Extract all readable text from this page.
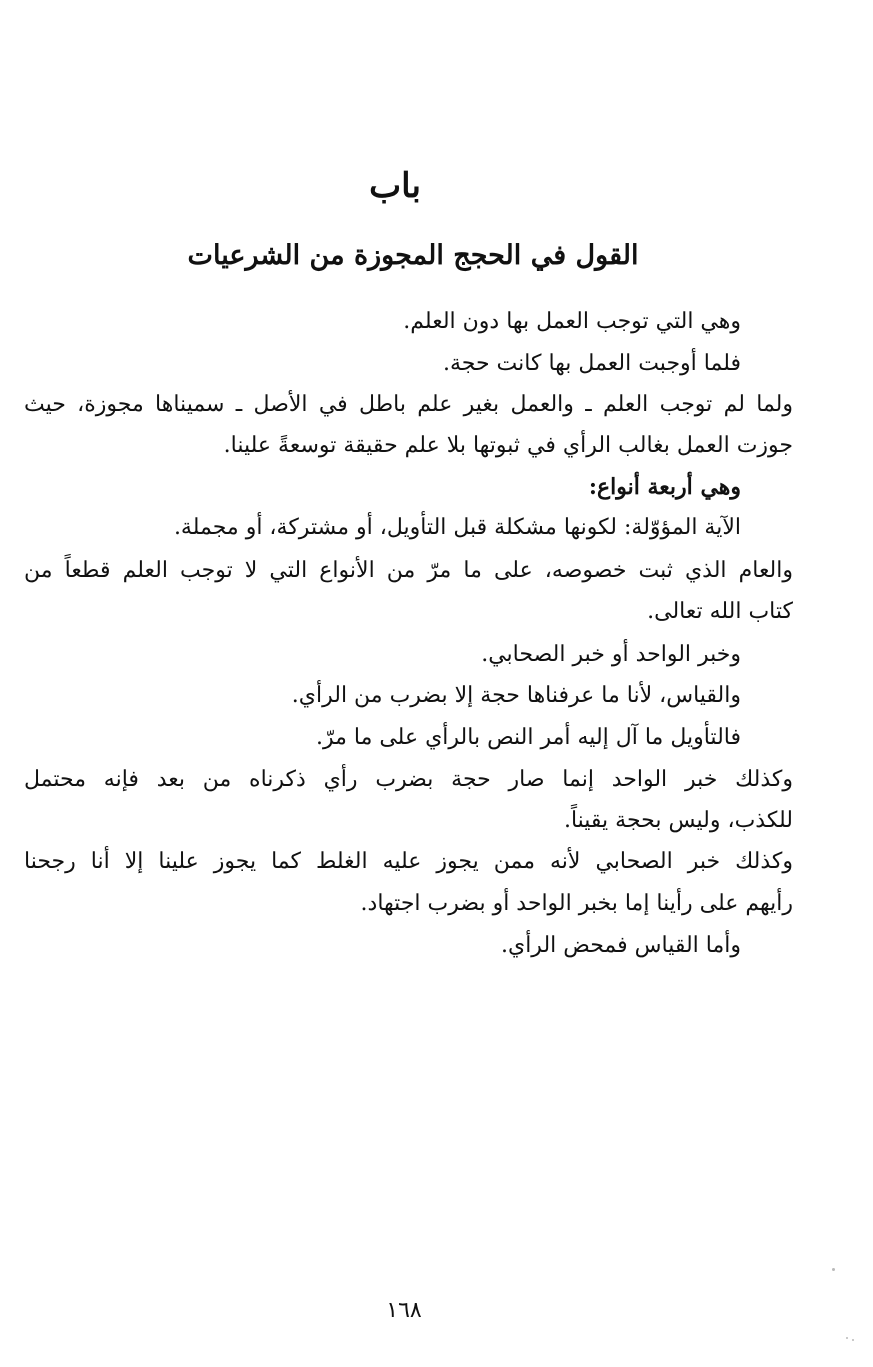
باب
القول في الحجج المجوزة من الشرعيات
وهي التي توجب العمل بها دون العلم.
فلما أوجبت العمل بها كانت حجة.
ولما لم توجب العلم ـ والعمل بغير علم باطل في الأصل ـ سميناها مجوزة، حيث
جوزت العمل بغالب الرأي في ثبوتها بلا علم حقيقة توسعةً علينا.
وهي أربعة أنواع:
الآية المؤوّلة: لكونها مشكلة قبل التأويل، أو مشتركة، أو مجملة.
والعام الذي ثبت خصوصه، على ما مرّ من الأنواع التي لا توجب العلم قطعاً من
كتاب الله تعالى.
وخبر الواحد أو خبر الصحابي.
والقياس، لأنا ما عرفناها حجة إلا بضرب من الرأي.
فالتأويل ما آل إليه أمر النص بالرأي على ما مرّ.
وكذلك خبر الواحد إنما صار حجة بضرب رأي ذكرناه من بعد فإنه محتمل
للكذب، وليس بحجة يقيناً.
وكذلك خبر الصحابي لأنه ممن يجوز عليه الغلط كما يجوز علينا إلا أنا رجحنا
رأيهم على رأينا إما بخبر الواحد أو بضرب اجتهاد.
وأما القياس فمحض الرأي.
١٦٨
